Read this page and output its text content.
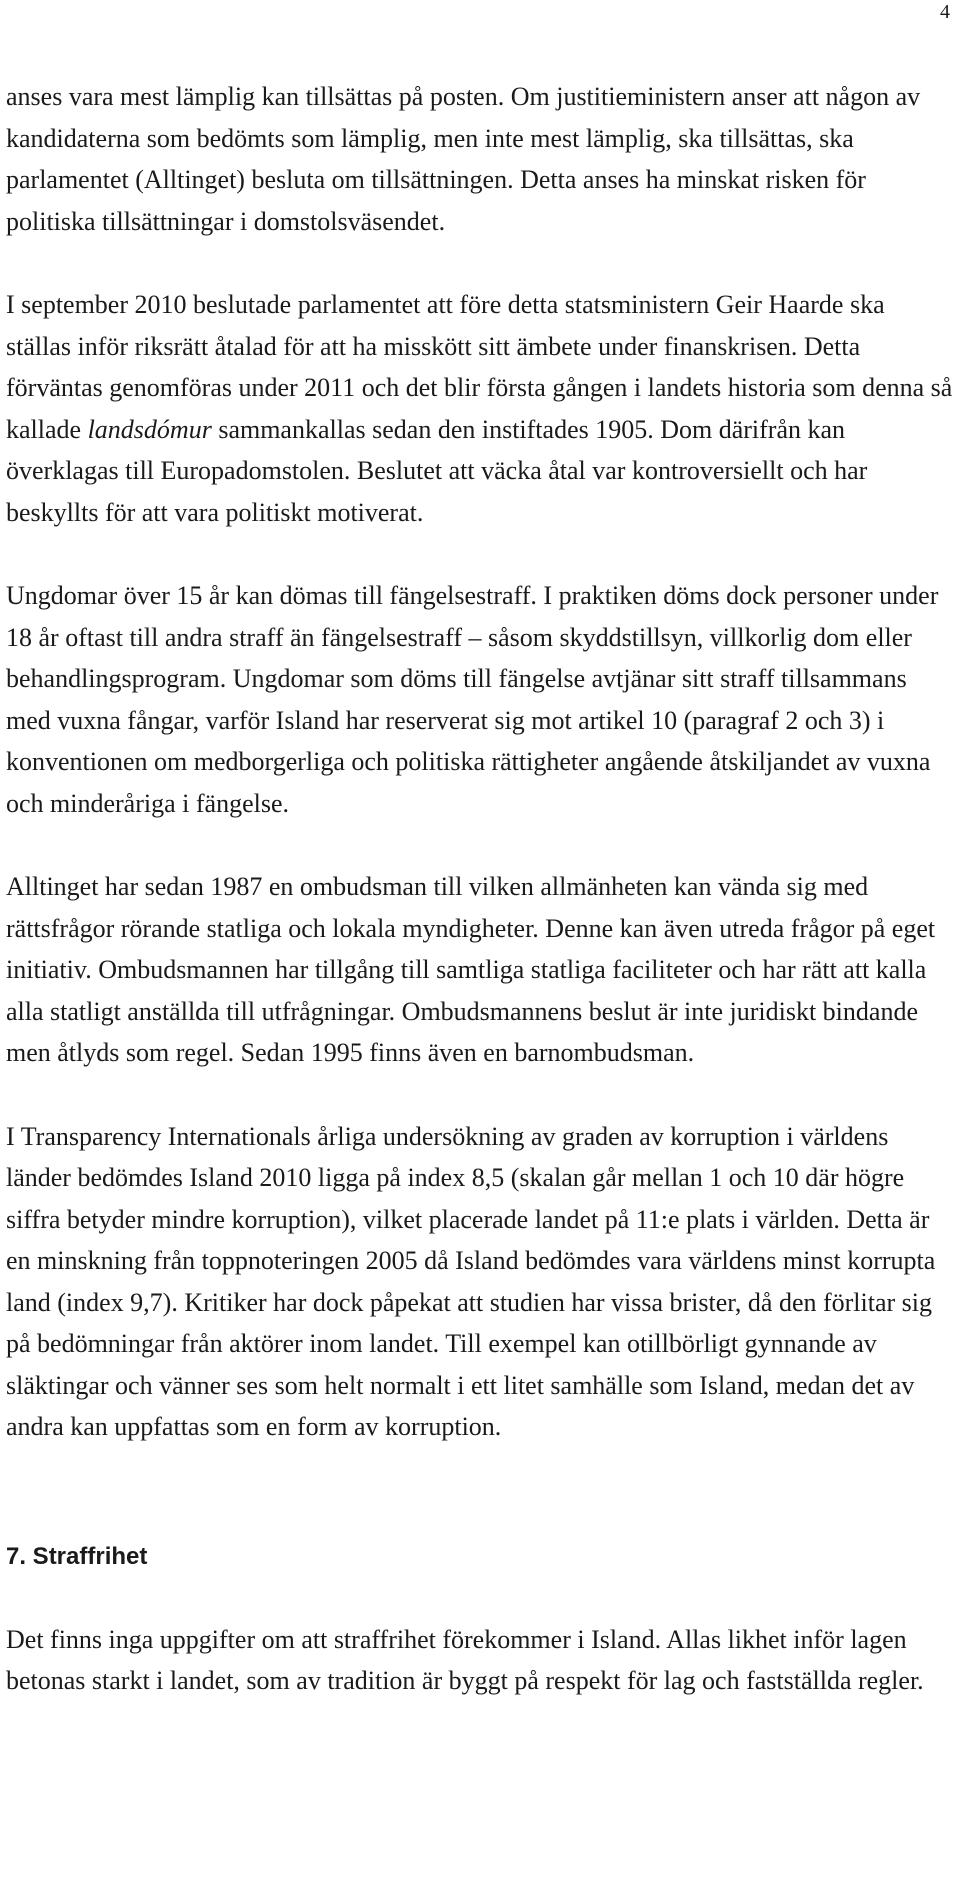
4

anses vara mest lämplig kan tillsättas på posten. Om justitieministern anser att någon av kandidaterna som bedömts som lämplig, men inte mest lämplig, ska tillsättas, ska parlamentet (Alltinget) besluta om tillsättningen. Detta anses ha minskat risken för politiska tillsättningar i domstolsväsendet.

I september 2010 beslutade parlamentet att före detta statsministern Geir Haarde ska ställas inför riksrätt åtalad för att ha misskött sitt ämbete under finanskrisen. Detta förväntas genomföras under 2011 och det blir första gången i landets historia som denna så kallade landsdómur sammankallas sedan den instiftades 1905. Dom därifrån kan överklagas till Europadomstolen. Beslutet att väcka åtal var kontroversiellt och har beskyllts för att vara politiskt motiverat.

Ungdomar över 15 år kan dömas till fängelsestraff. I praktiken döms dock personer under 18 år oftast till andra straff än fängelsestraff – såsom skyddstillsyn, villkorlig dom eller behandlingsprogram. Ungdomar som döms till fängelse avtjänar sitt straff tillsammans med vuxna fångar, varför Island har reserverat sig mot artikel 10 (paragraf 2 och 3) i konventionen om medborgerliga och politiska rättigheter angående åtskiljandet av vuxna och minderåriga i fängelse.

Alltinget har sedan 1987 en ombudsman till vilken allmänheten kan vända sig med rättsfrågor rörande statliga och lokala myndigheter. Denne kan även utreda frågor på eget initiativ. Ombudsmannen har tillgång till samtliga statliga faciliteter och har rätt att kalla alla statligt anställda till utfrågningar. Ombudsmannens beslut är inte juridiskt bindande men åtlyds som regel. Sedan 1995 finns även en barnombudsman.

I Transparency Internationals årliga undersökning av graden av korruption i världens länder bedömdes Island 2010 ligga på index 8,5 (skalan går mellan 1 och 10 där högre siffra betyder mindre korruption), vilket placerade landet på 11:e plats i världen. Detta är en minskning från toppnoteringen 2005 då Island bedömdes vara världens minst korrupta land (index 9,7). Kritiker har dock påpekat att studien har vissa brister, då den förlitar sig på bedömningar från aktörer inom landet. Till exempel kan otillbörligt gynnande av släktingar och vänner ses som helt normalt i ett litet samhälle som Island, medan det av andra kan uppfattas som en form av korruption.

7. Straffrihet

Det finns inga uppgifter om att straffrihet förekommer i Island. Allas likhet inför lagen betonas starkt i landet, som av tradition är byggt på respekt för lag och fastställda regler.
